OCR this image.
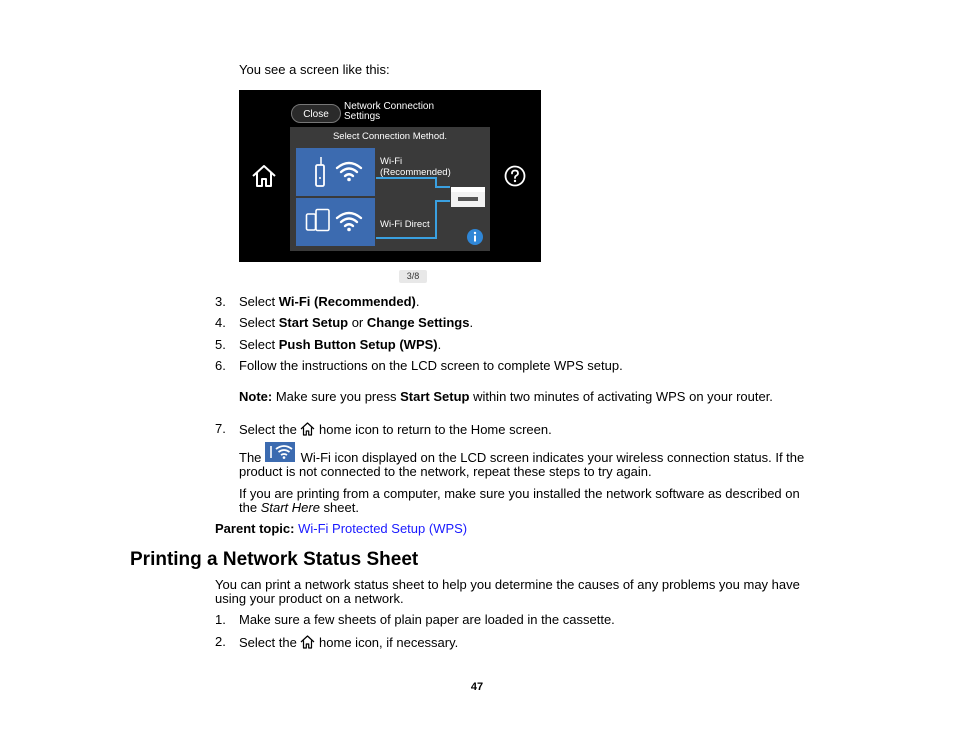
You see a screen like this:
Close
Network Connection
Settings
Select Connection Method.
3/8
Wi-Fi
(Recommended)
Wi-Fi Direct
3. Select Wi-Fi (Recommended).
4. Select Start Setup or Change Settings.
5. Select Push Button Setup (WPS).
6. Follow the instructions on the LCD screen to complete WPS setup.
Note: Make sure you press Start Setup within two minutes of activating WPS on your router.
7. Select the  home icon to return to the Home screen.
The  Wi-Fi icon displayed on the LCD screen indicates your wireless connection status. If the
product is not connected to the network, repeat these steps to try again.
If you are printing from a computer, make sure you installed the network software as described on
the Start Here sheet.
Parent topic: Wi-Fi Protected Setup (WPS)
Printing a Network Status Sheet
You can print a network status sheet to help you determine the causes of any problems you may have
using your product on a network.
1. Make sure a few sheets of plain paper are loaded in the cassette.
2. Select the  home icon, if necessary.
47
